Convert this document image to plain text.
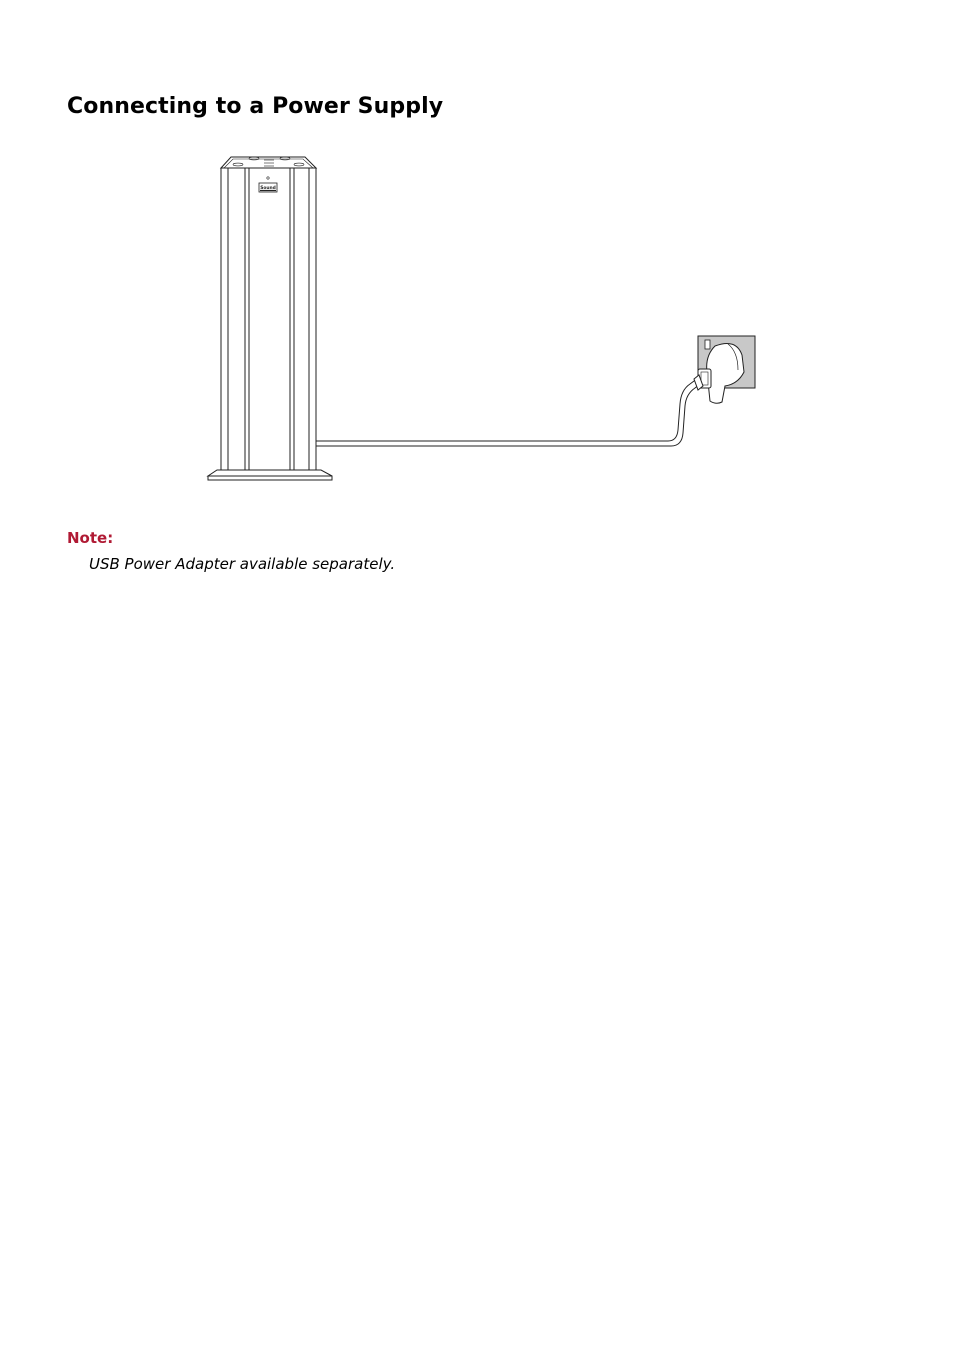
Connecting to a Power Supply
Sound
Note:
USB Power Adapter available separately.
